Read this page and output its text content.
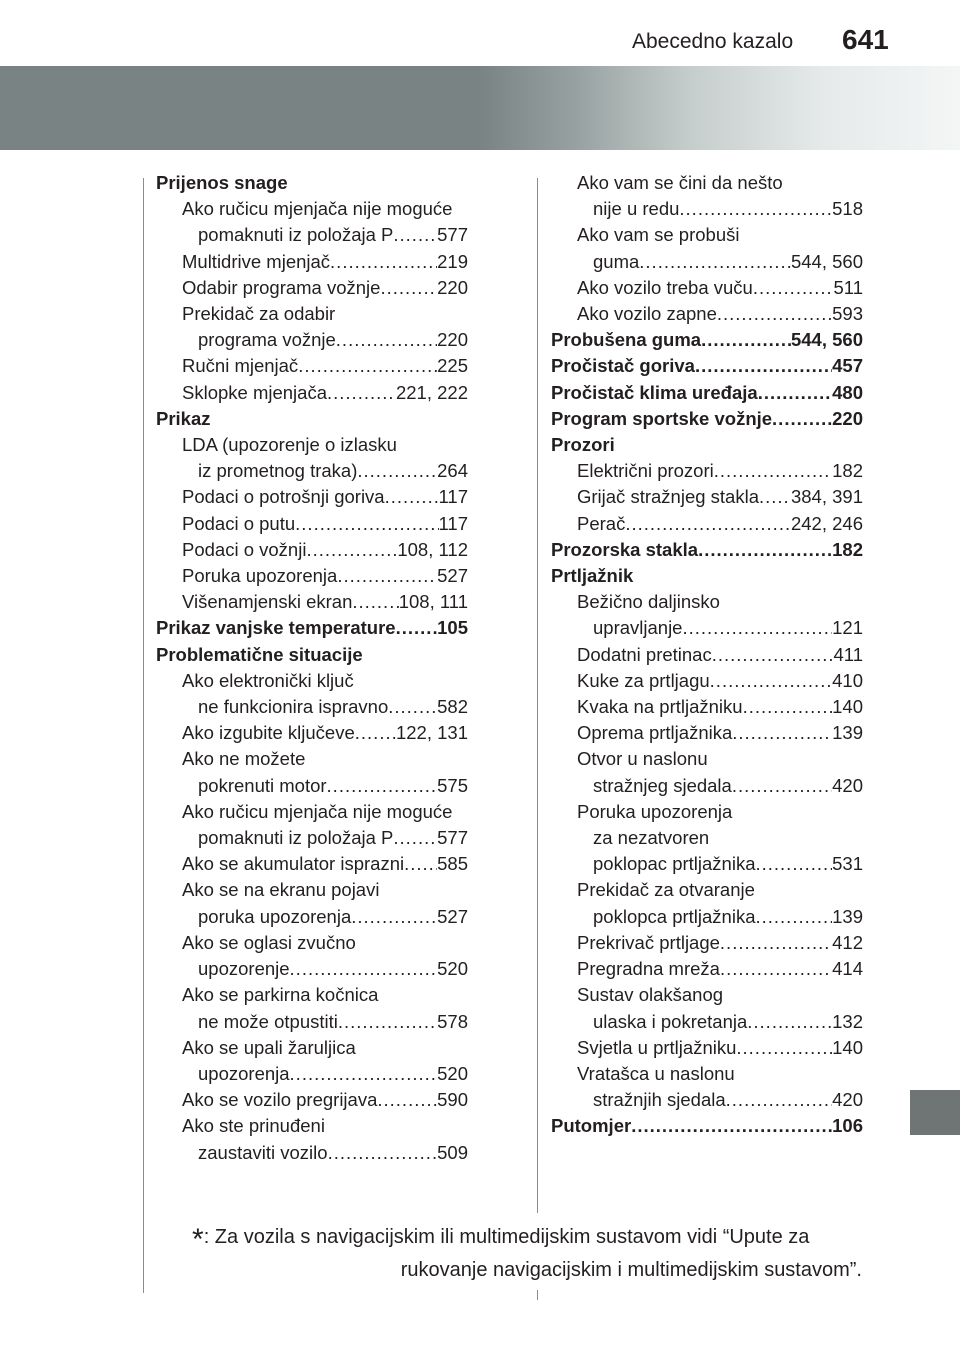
Abecedno kazalo 641
Prijenos snage
Ako ručicu mjenjača nije moguće
pomaknuti iz položaja P ..... 577
Multidrive mjenjač .....	219
Odabir programa vožnje .....	220
Prekidač za odabir
programa vožnje .....	220
Ručni mjenjač .....	225
Sklopke mjenjača .....	221, 222
Prikaz
LDA (upozorenje o izlasku
iz prometnog traka) .....	264
Podaci o potrošnji goriva .....	117
Podaci o putu .....	117
Podaci o vožnji .....	108, 112
Poruka upozorenja .....	527
Višenamjenski ekran .....	108, 111
Prikaz vanjske temperature ..... 105
Problematične situacije
Ako elektronički ključ
ne funkcionira ispravno .....	582
Ako izgubite ključeve ..... 122, 131
Ako ne možete
pokrenuti motor .....	575
Ako ručicu mjenjača nije moguće
pomaknuti iz položaja P ..... 577
Ako se akumulator isprazni ..... 585
Ako se na ekranu pojavi
poruka upozorenja .....	527
Ako se oglasi zvučno
upozorenje .....	520
Ako se parkirna kočnica
ne može otpustiti .....	578
Ako se upali žaruljica
upozorenja .....	520
Ako se vozilo pregrijava .....	590
Ako ste prinuđeni
zaustaviti vozilo .....	509
Ako vam se čini da nešto
nije u redu .....	518
Ako vam se probuši
guma .....	544, 560
Ako vozilo treba vuču .....	511
Ako vozilo zapne .....	593
Probušena guma .....	544, 560
Pročistač goriva .....	457
Pročistač klima uređaja .....	480
Program sportske vožnje .....	220
Prozori
Električni prozori .....	182
Grijač stražnjeg stakla ..... 384, 391
Perač .....	242, 246
Prozorska stakla .....	182
Prtljažnik
Bežično daljinsko
upravljanje .....	121
Dodatni pretinac .....	411
Kuke za prtljagu .....	410
Kvaka na prtljažniku .....	140
Oprema prtljažnika .....	139
Otvor u naslonu
stražnjeg sjedala .....	420
Poruka upozorenja
za nezatvoren
poklopac prtljažnika .....	531
Prekidač za otvaranje
poklopca prtljažnika .....	139
Prekrivač prtljage .....	412
Pregradna mreža .....	414
Sustav olakšanog
ulaska i pokretanja .....	132
Svjetla u prtljažniku .....	140
Vratašca u naslonu
stražnjih sjedala .....	420
Putomjer .....	106
*: Za vozila s navigacijskim ili multimedijskim sustavom vidi “Upute za
rukovanje navigacijskim i multimedijskim sustavom”.
